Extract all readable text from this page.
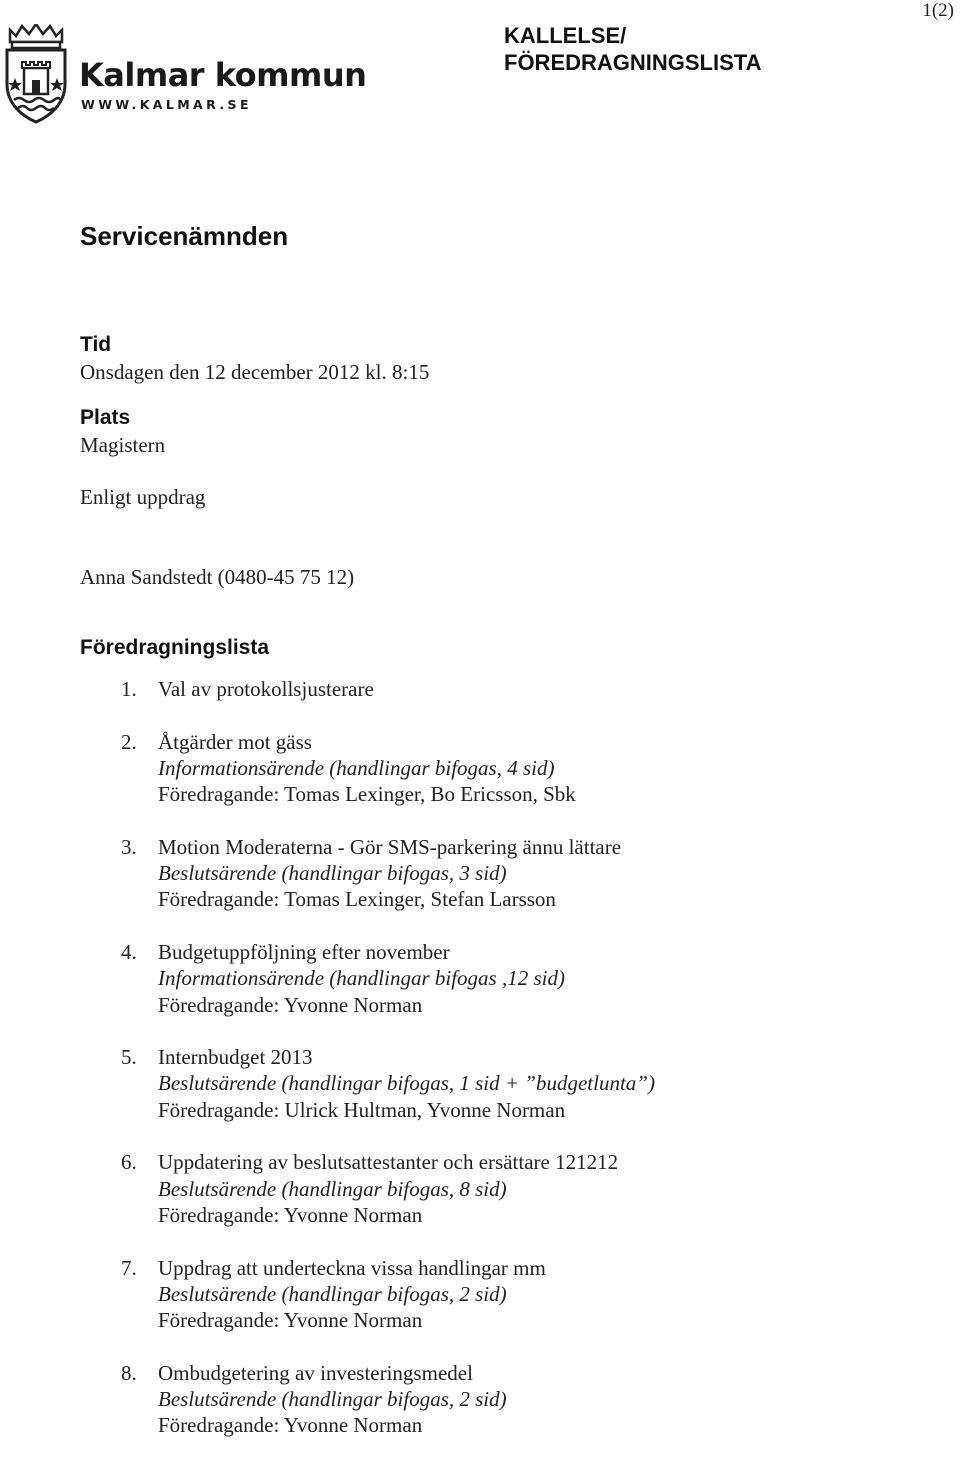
1(2)
Kalmar kommun
WWW.KALMAR.SE
KALLELSE/
FÖREDRAGNINGSLISTA
Servicenämnden
Tid

Onsdagen den 12 december 2012 kl. 8:15

Plats

Magistern

Enligt uppdrag

Anna Sandstedt (0480-45 75 12)

Föredragningslista
1. Val av protokollsjusterare
2. Åtgärder mot gäss
Informationsärende (handlingar bifogas, 4 sid)
Föredragande: Tomas Lexinger, Bo Ericsson, Sbk
3. Motion Moderaterna - Gör SMS-parkering ännu lättare
Beslutsärende (handlingar bifogas, 3 sid)
Föredragande: Tomas Lexinger, Stefan Larsson
4. Budgetuppföljning efter november
Informationsärende (handlingar bifogas ,12 sid)
Föredragande: Yvonne Norman
5. Internbudget 2013
Beslutsärende (handlingar bifogas, 1 sid + ”budgetlunta”)
Föredragande: Ulrick Hultman, Yvonne Norman
6. Uppdatering av beslutsattestanter och ersättare 121212
Beslutsärende (handlingar bifogas, 8 sid)
Föredragande: Yvonne Norman
7. Uppdrag att underteckna vissa handlingar mm
Beslutsärende (handlingar bifogas, 2 sid)
Föredragande: Yvonne Norman
8. Ombudgetering av investeringsmedel
Beslutsärende (handlingar bifogas, 2 sid)
Föredragande: Yvonne Norman
